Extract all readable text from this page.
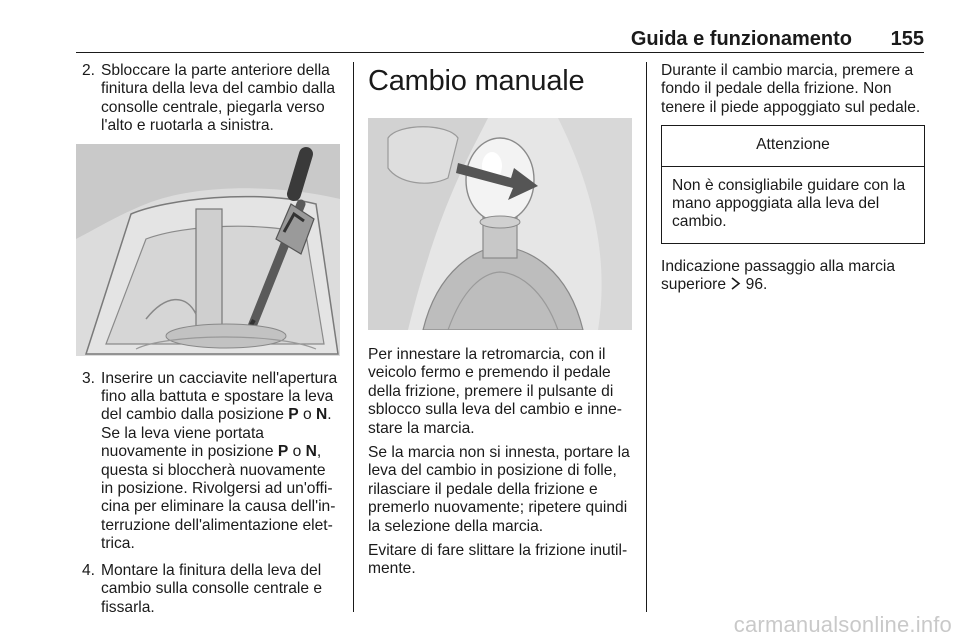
Guida e funzionamento 155
2. Sbloccare la parte anteriore della finitura della leva del cambio dalla consolle centrale, piegarla verso l'alto e ruotarla a sinistra.
3. Inserire un cacciavite nell'apertura fino alla battuta e spostare la leva del cambio dalla posizione P o N. Se la leva viene portata nuovamente in posizione P o N, questa si bloccherà nuovamente in posizione. Rivolgersi ad un'officina per eliminare la causa dell'interruzione dell'alimentazione elettrica.
4. Montare la finitura della leva del cambio sulla consolle centrale e fissarla.
Cambio manuale

Per innestare la retromarcia, con il veicolo fermo e premendo il pedale della frizione, premere il pulsante di sblocco sulla leva del cambio e innestare la marcia.

Se la marcia non si innesta, portare la leva del cambio in posizione di folle, rilasciare il pedale della frizione e premerlo nuovamente; ripetere quindi la selezione della marcia.

Evitare di fare slittare la frizione inutilmente.

Durante il cambio marcia, premere a fondo il pedale della frizione. Non tenere il piede appoggiato sul pedale.

Attenzione
Non è consigliabile guidare con la mano appoggiata alla leva del cambio.

Indicazione passaggio alla marcia superiore  96.

carmanualsonline.info
